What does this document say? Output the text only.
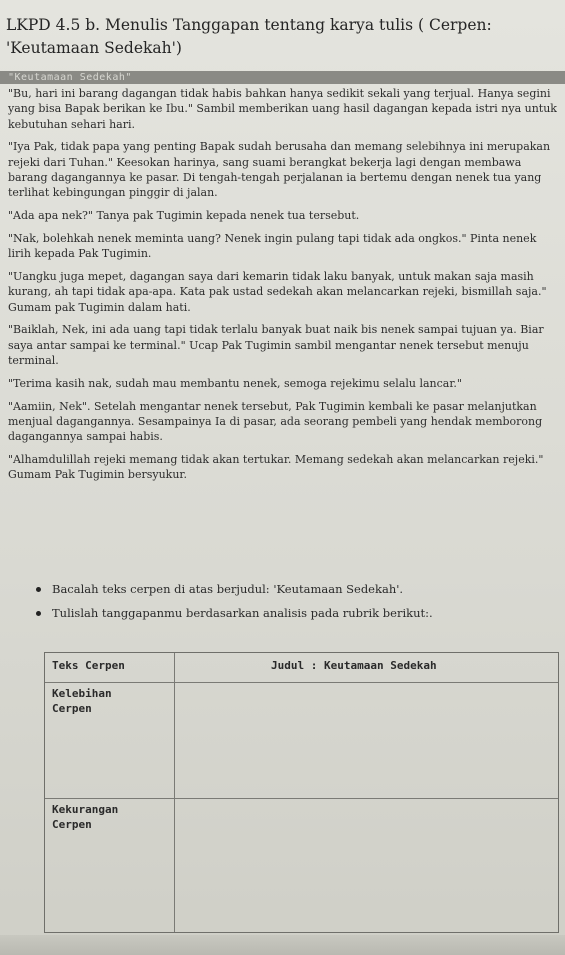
LKPD 4.5 b. Menulis Tanggapan tentang karya tulis ( Cerpen:
'Keutamaan Sedekah')
"Keutamaan Sedekah"

"Bu, hari ini barang dagangan tidak habis bahkan hanya sedikit sekali yang terjual. Hanya segini yang bisa Bapak berikan ke Ibu." Sambil memberikan uang hasil dagangan kepada istri nya untuk kebutuhan sehari hari.

"Iya Pak, tidak papa yang penting Bapak sudah berusaha dan memang selebihnya ini merupakan rejeki dari Tuhan." Keesokan harinya, sang suami berangkat bekerja lagi dengan membawa barang dagangannya ke pasar. Di tengah-tengah perjalanan ia bertemu dengan nenek tua yang terlihat kebingungan pinggir di jalan.

"Ada apa nek?" Tanya pak Tugimin kepada nenek tua tersebut.

"Nak, bolehkah nenek meminta uang? Nenek ingin pulang tapi tidak ada ongkos." Pinta nenek lirih kepada Pak Tugimin.

"Uangku juga mepet, dagangan saya dari kemarin tidak laku banyak, untuk makan saja masih kurang, ah tapi tidak apa-apa. Kata pak ustad sedekah akan melancarkan rejeki, bismillah saja." Gumam pak Tugimin dalam hati.

"Baiklah, Nek, ini ada uang tapi tidak terlalu banyak buat naik bis nenek sampai tujuan ya. Biar saya antar sampai ke terminal." Ucap Pak Tugimin sambil mengantar nenek tersebut menuju terminal.

"Terima kasih nak, sudah mau membantu nenek, semoga rejekimu selalu lancar."

"Aamiin, Nek". Setelah mengantar nenek tersebut, Pak Tugimin kembali ke pasar melanjutkan menjual dagangannya. Sesampainya Ia di pasar, ada seorang pembeli yang hendak memborong dagangannya sampai habis.

"Alhamdulillah rejeki memang tidak akan tertukar. Memang sedekah akan melancarkan rejeki." Gumam Pak Tugimin bersyukur.

Bacalah teks cerpen di atas berjudul: 'Keutamaan Sedekah'.
Tulislah tanggapanmu berdasarkan analisis pada rubrik berikut:.
Teks Cerpen	Judul : Keutamaan Sedekah
Kelebihan
Cerpen
Kekurangan
Cerpen
